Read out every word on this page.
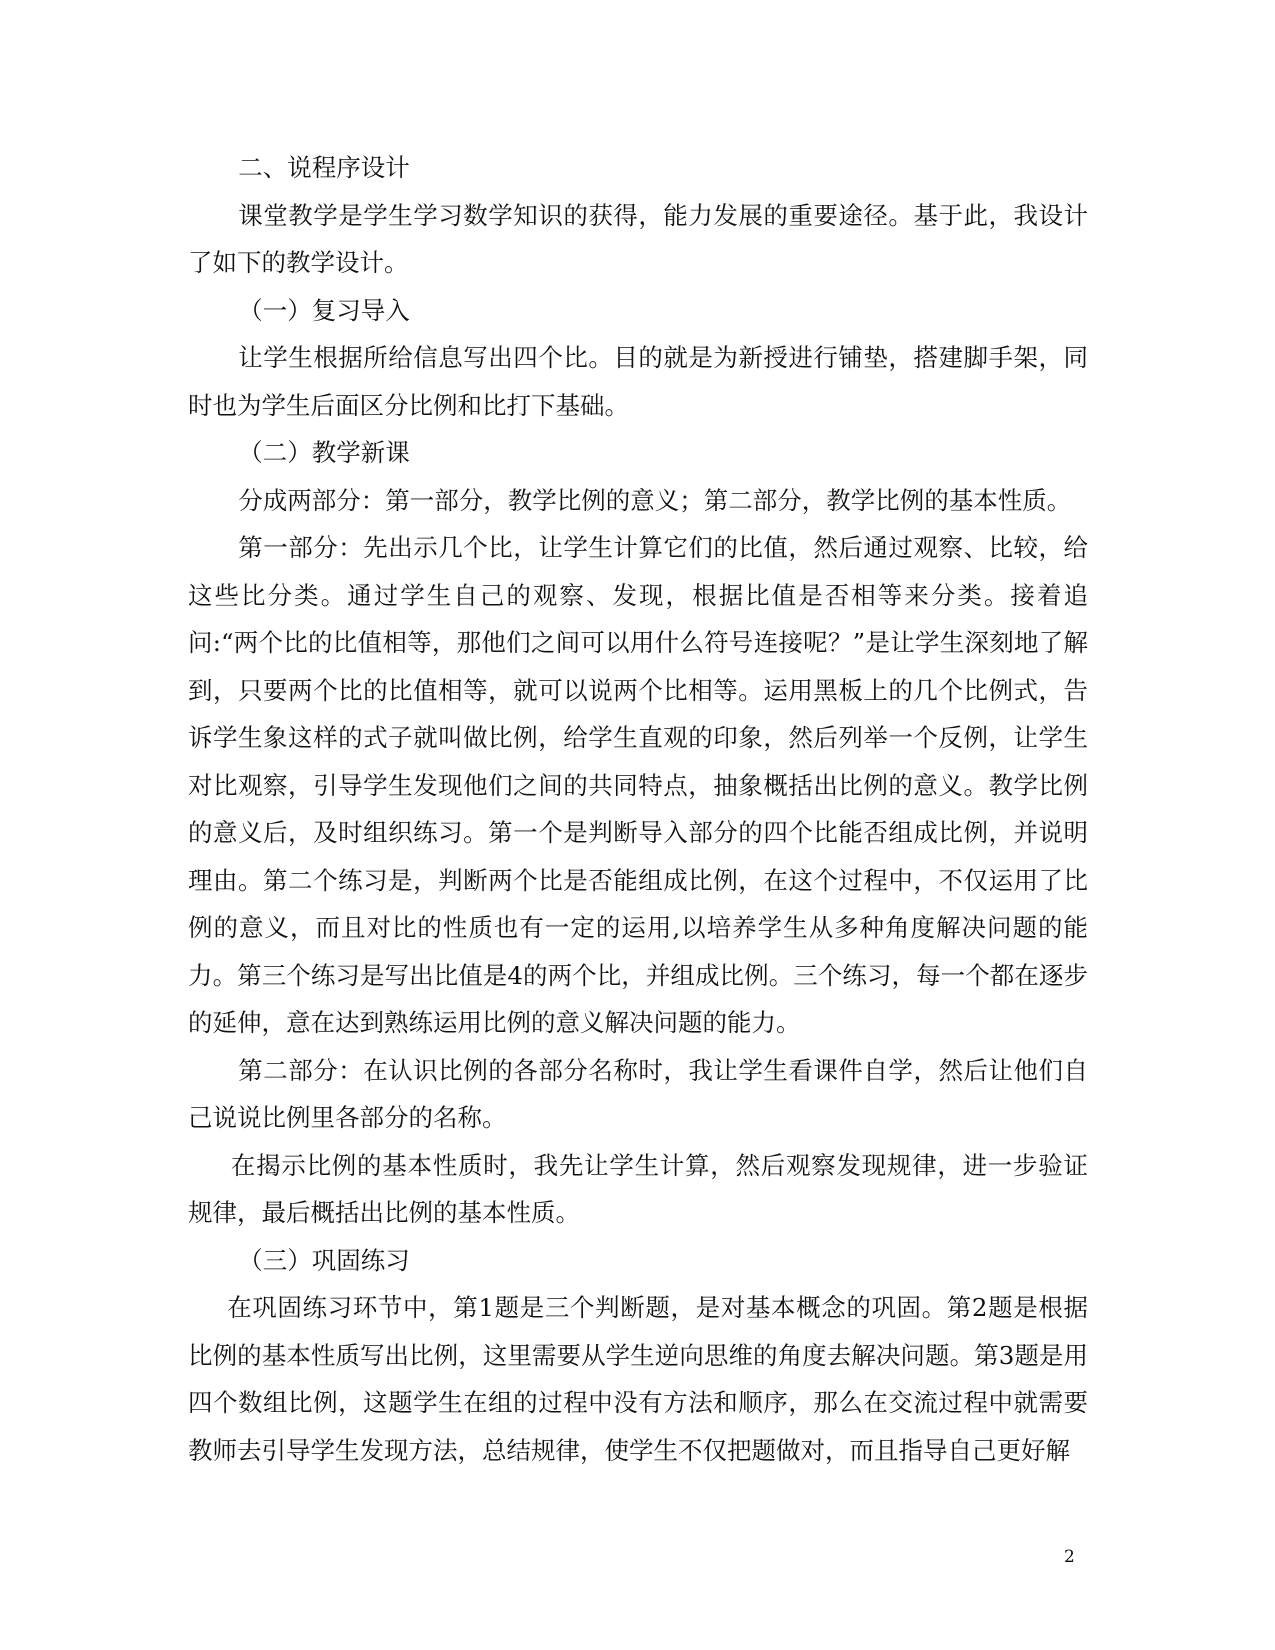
二、说程序设计

课堂教学是学生学习数学知识的获得，能力发展的重要途径。基于此，我设计了如下的教学设计。

（一）复习导入

让学生根据所给信息写出四个比。目的就是为新授进行铺垫，搭建脚手架，同时也为学生后面区分比例和比打下基础。

（二）教学新课

分成两部分：第一部分，教学比例的意义；第二部分，教学比例的基本性质。

第一部分：先出示几个比，让学生计算它们的比值，然后通过观察、比较，给这些比分类。通过学生自己的观察、发现，根据比值是否相等来分类。接着追问:“两个比的比值相等，那他们之间可以用什么符号连接呢？”是让学生深刻地了解到，只要两个比的比值相等，就可以说两个比相等。运用黑板上的几个比例式，告诉学生象这样的式子就叫做比例，给学生直观的印象，然后列举一个反例，让学生对比观察，引导学生发现他们之间的共同特点，抽象概括出比例的意义。教学比例的意义后，及时组织练习。第一个是判断导入部分的四个比能否组成比例，并说明理由。第二个练习是，判断两个比是否能组成比例，在这个过程中，不仅运用了比例的意义，而且对比的性质也有一定的运用,以培养学生从多种角度解决问题的能力。第三个练习是写出比值是4的两个比，并组成比例。三个练习，每一个都在逐步的延伸，意在达到熟练运用比例的意义解决问题的能力。

第二部分：在认识比例的各部分名称时，我让学生看课件自学，然后让他们自己说说比例里各部分的名称。

在揭示比例的基本性质时，我先让学生计算，然后观察发现规律，进一步验证规律，最后概括出比例的基本性质。

（三）巩固练习

在巩固练习环节中，第1题是三个判断题，是对基本概念的巩固。第2题是根据比例的基本性质写出比例，这里需要从学生逆向思维的角度去解决问题。第3题是用四个数组比例，这题学生在组的过程中没有方法和顺序，那么在交流过程中就需要教师去引导学生发现方法，总结规律，使学生不仅把题做对，而且指导自己更好解

2
